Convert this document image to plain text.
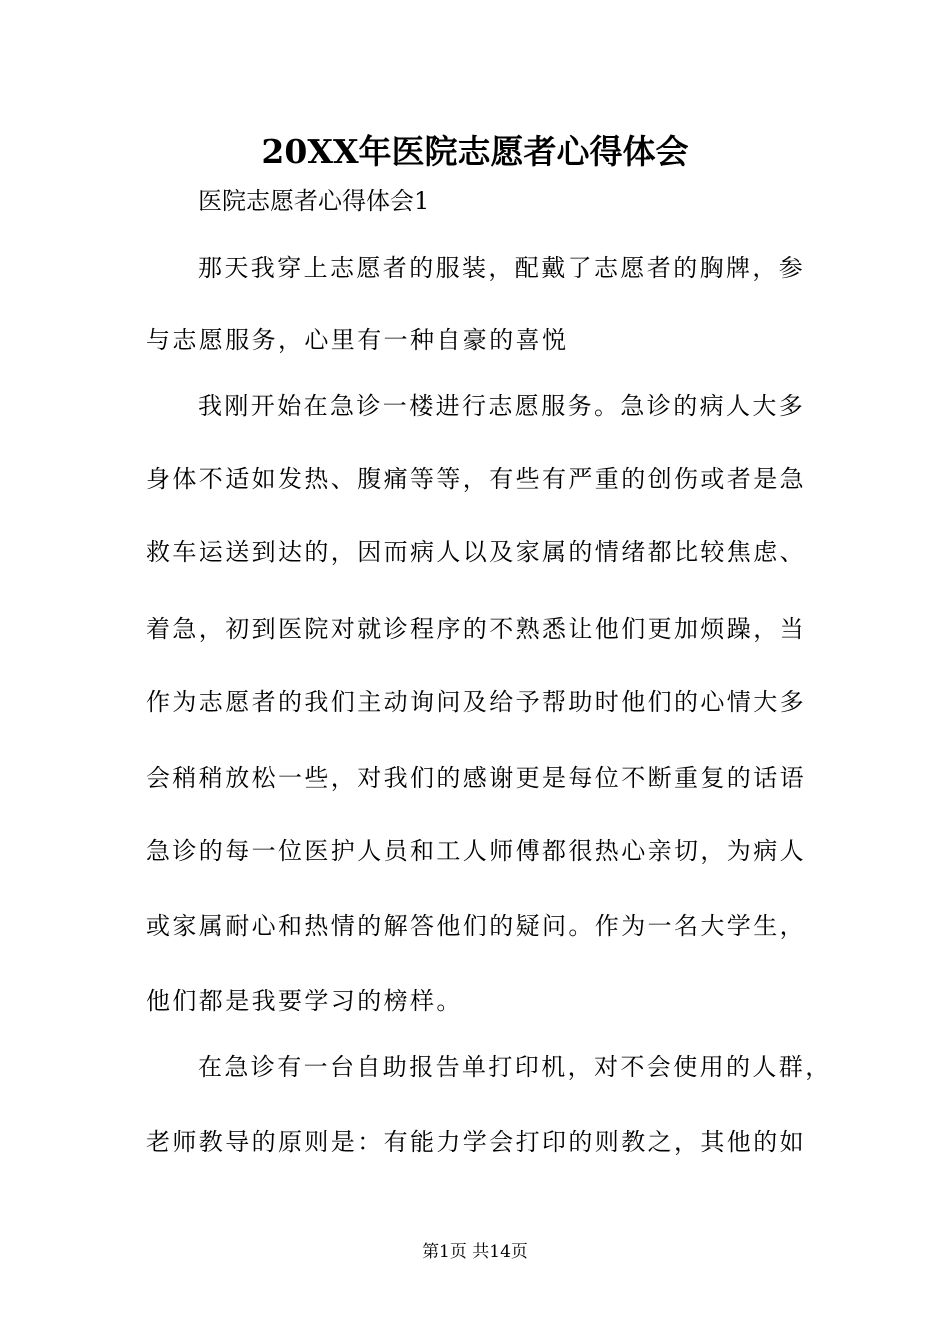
20XX年医院志愿者心得体会
医院志愿者心得体会1
那天我穿上志愿者的服装，配戴了志愿者的胸牌，参
与志愿服务，心里有一种自豪的喜悦
我刚开始在急诊一楼进行志愿服务。急诊的病人大多
身体不适如发热、腹痛等等，有些有严重的创伤或者是急
救车运送到达的，因而病人以及家属的情绪都比较焦虑、
着急，初到医院对就诊程序的不熟悉让他们更加烦躁，当
作为志愿者的我们主动询问及给予帮助时他们的心情大多
会稍稍放松一些，对我们的感谢更是每位不断重复的话语
急诊的每一位医护人员和工人师傅都很热心亲切，为病人
或家属耐心和热情的解答他们的疑问。作为一名大学生，
他们都是我要学习的榜样。
在急诊有一台自助报告单打印机，对不会使用的人群，
老师教导的原则是：有能力学会打印的则教之，其他的如
第1页 共14页
